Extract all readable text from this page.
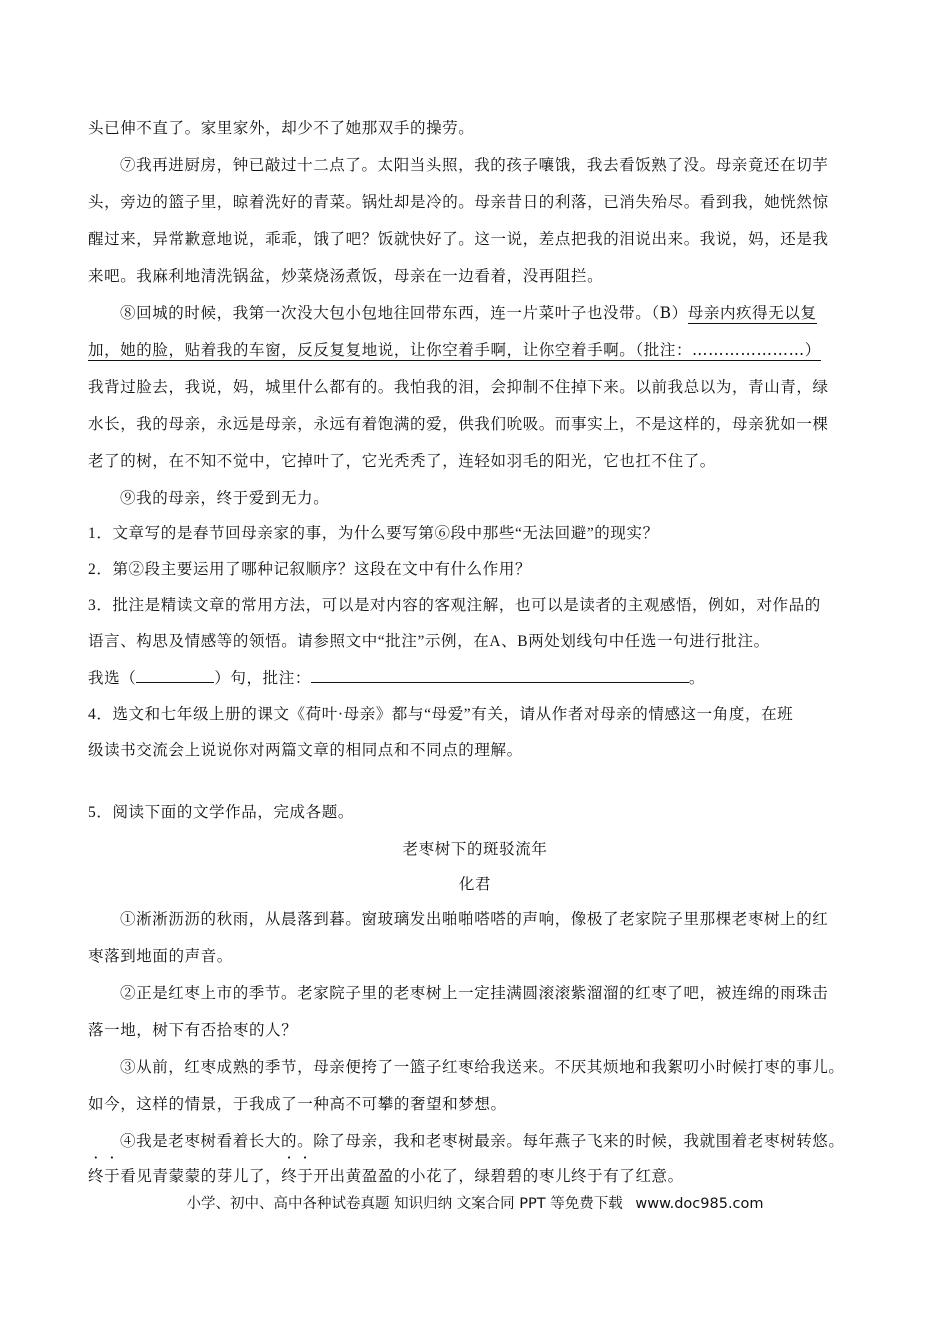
头已伸不直了。家里家外，却少不了她那双手的操劳。
⑦我再进厨房，钟已敲过十二点了。太阳当头照，我的孩子嚷饿，我去看饭熟了没。母亲竟还在切芋
头，旁边的篮子里，晾着洗好的青菜。锅灶却是冷的。母亲昔日的利落，已消失殆尽。看到我，她恍然惊
醒过来，异常歉意地说，乖乖，饿了吧？饭就快好了。这一说，差点把我的泪说出来。我说，妈，还是我
来吧。我麻利地清洗锅盆，炒菜烧汤煮饭，母亲在一边看着，没再阻拦。
⑧回城的时候，我第一次没大包小包地往回带东西，连一片菜叶子也没带。（B）母亲内疚得无以复
加，她的脸，贴着我的车窗，反反复复地说，让你空着手啊，让你空着手啊。（批注：…………………）
我背过脸去，我说，妈，城里什么都有的。我怕我的泪，会抑制不住掉下来。以前我总以为，青山青，绿
水长，我的母亲，永远是母亲，永远有着饱满的爱，供我们吮吸。而事实上，不是这样的，母亲犹如一棵
老了的树，在不知不觉中，它掉叶了，它光秃秃了，连轻如羽毛的阳光，它也扛不住了。
⑨我的母亲，终于爱到无力。
1．文章写的是春节回母亲家的事，为什么要写第⑥段中那些“无法回避”的现实？
2．第②段主要运用了哪种记叙顺序？这段在文中有什么作用？
3．批注是精读文章的常用方法，可以是对内容的客观注解，也可以是读者的主观感悟，例如，对作品的
语言、构思及情感等的领悟。请参照文中“批注”示例，在A、B两处划线句中任选一句进行批注。
我选（	）句，批注：	。
4．选文和七年级上册的课文《荷叶·母亲》都与“母爱”有关，请从作者对母亲的情感这一角度，在班
级读书交流会上说说你对两篇文章的相同点和不同点的理解。
5．阅读下面的文学作品，完成各题。
老枣树下的斑驳流年
化君
①淅淅沥沥的秋雨，从晨落到暮。窗玻璃发出啪啪嗒嗒的声响，像极了老家院子里那棵老枣树上的红
枣落到地面的声音。
②正是红枣上市的季节。老家院子里的老枣树上一定挂满圆滚滚紫溜溜的红枣了吧，被连绵的雨珠击
落一地，树下有否拾枣的人？
③从前，红枣成熟的季节，母亲便挎了一篮子红枣给我送来。不厌其烦地和我絮叨小时候打枣的事儿。
如今，这样的情景，于我成了一种高不可攀的奢望和梦想。
④我是老枣树看着长大的。除了母亲，我和老枣树最亲。每年燕子飞来的时候，我就围着老枣树转悠。
终于看见青蒙蒙的芽儿了，终于开出黄盈盈的小花了，绿碧碧的枣儿终于有了红意。
小学、初中、高中各种试卷真题 知识归纳 文案合同 PPT 等免费下载 www.doc985.com
